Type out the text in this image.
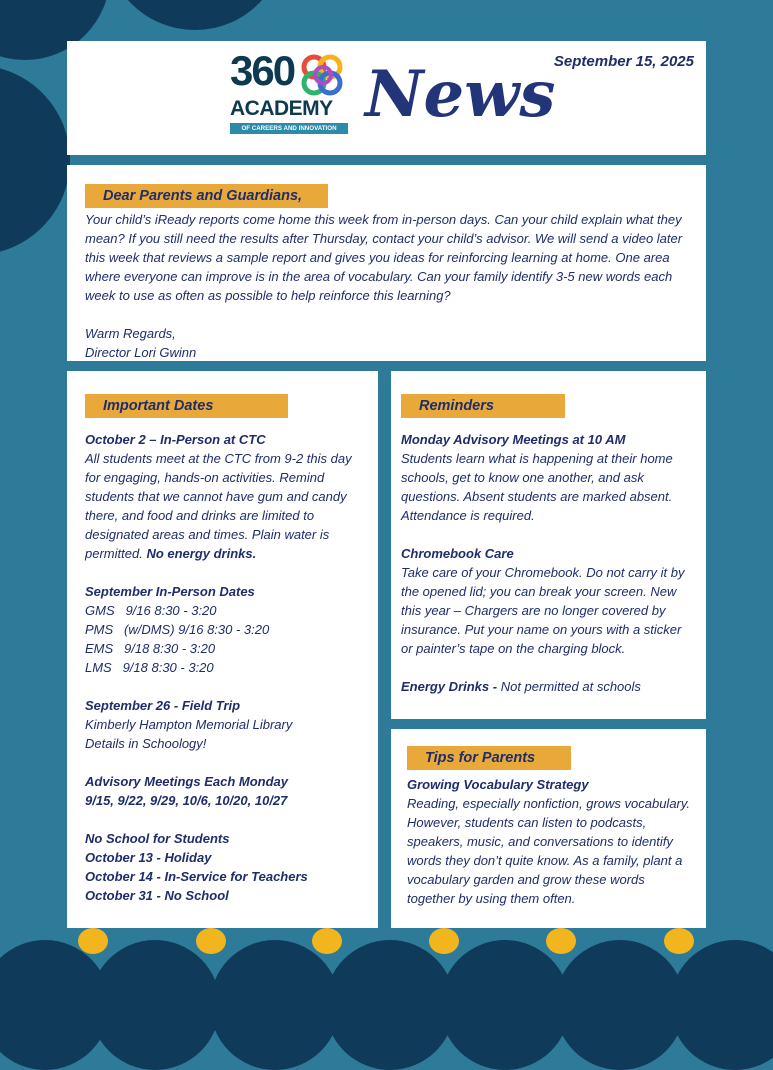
September 15, 2025
360
ACADEMY
OF CAREERS AND INNOVATION News
Dear Parents and Guardians,

Your child’s iReady reports come home this week from in-person days. Can your child explain what they mean? If you still need the results after Thursday, contact your child’s advisor. We will send a video later this week that reviews a sample report and gives you ideas for reinforcing learning at home. One area where everyone can improve is in the area of vocabulary. Can your family identify 3-5 new words each week to use as often as possible to help reinforce this learning?

Warm Regards,
Director Lori Gwinn
Important Dates
October 2 – In-Person at CTC

All students meet at the CTC from 9-2 this day for engaging, hands-on activities. Remind students that we cannot have gum and candy there, and food and drinks are limited to designated areas and times. Plain water is permitted. No energy drinks.

September In-Person Dates
GMS   9/16 8:30 - 3:20
PMS   (w/DMS) 9/16 8:30 - 3:20
EMS   9/18 8:30 - 3:20
LMS   9/18 8:30 - 3:20
September 26 - Field Trip
Kimberly Hampton Memorial Library
Details in Schoology!
Advisory Meetings Each Monday
9/15, 9/22, 9/29, 10/6, 10/20, 10/27
No School for Students
October 13 - Holiday
October 14 - In-Service for Teachers
October 31 - No School
Reminders
Monday Advisory Meetings at 10 AM

Students learn what is happening at their home schools, get to know one another, and ask questions. Absent students are marked absent. Attendance is required.

Chromebook Care

Take care of your Chromebook. Do not carry it by the opened lid; you can break your screen. New this year – Chargers are no longer covered by insurance. Put your name on yours with a sticker or painter’s tape on the charging block.

Energy Drinks - Not permitted at schools
Tips for Parents
Growing Vocabulary Strategy

Reading, especially nonfiction, grows vocabulary. However, students can listen to podcasts, speakers, music, and conversations to identify words they don’t quite know. As a family, plant a vocabulary garden and grow these words together by using them often.
